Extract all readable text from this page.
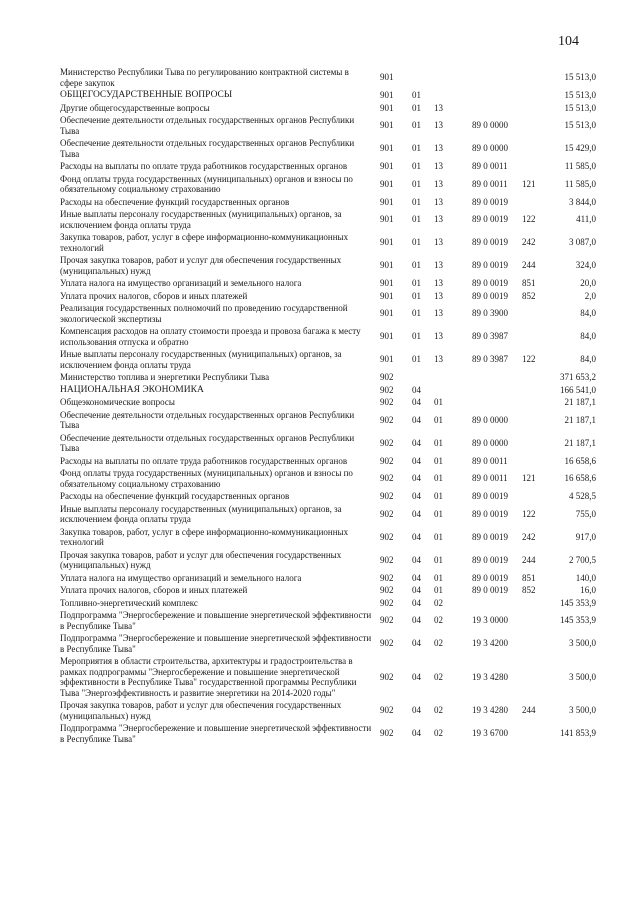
104
Министерство Республики Тыва по регулированию контрактной системы в сфере закупок	901					15 513,0
ОБЩЕГОСУДАРСТВЕННЫЕ ВОПРОСЫ	901	01				15 513,0
Другие общегосударственные вопросы	901	01	13			15 513,0
Обеспечение деятельности отдельных государственных органов Республики Тыва	901	01	13	89 0 0000		15 513,0
Обеспечение деятельности отдельных государственных органов Республики Тыва	901	01	13	89 0 0000		15 429,0
Расходы на выплаты по оплате труда работников государственных органов	901	01	13	89 0 0011		11 585,0
Фонд оплаты труда государственных (муниципальных) органов и взносы по обязательному социальному страхованию	901	01	13	89 0 0011	121	11 585,0
Расходы на обеспечение функций государственных органов	901	01	13	89 0 0019		3 844,0
Иные выплаты персоналу государственных (муниципальных) органов, за исключением фонда оплаты труда	901	01	13	89 0 0019	122	411,0
Закупка товаров, работ, услуг в сфере информационно-коммуникационных технологий	901	01	13	89 0 0019	242	3 087,0
Прочая закупка товаров, работ и услуг для обеспечения государственных (муниципальных) нужд	901	01	13	89 0 0019	244	324,0
Уплата налога на имущество организаций и земельного налога	901	01	13	89 0 0019	851	20,0
Уплата прочих налогов, сборов и иных платежей	901	01	13	89 0 0019	852	2,0
Реализация государственных полномочий по проведению государственной экологической экспертизы	901	01	13	89 0 3900		84,0
Компенсация расходов на оплату стоимости проезда и провоза багажа к месту использования отпуска и обратно	901	01	13	89 0 3987		84,0
Иные выплаты персоналу государственных (муниципальных) органов, за исключением фонда оплаты труда	901	01	13	89 0 3987	122	84,0
Министерство топлива и энергетики Республики Тыва	902					371 653,2
НАЦИОНАЛЬНАЯ ЭКОНОМИКА	902	04				166 541,0
Общеэкономические вопросы	902	04	01			21 187,1
Обеспечение деятельности отдельных государственных органов Республики Тыва	902	04	01	89 0 0000		21 187,1
Обеспечение деятельности отдельных государственных органов Республики Тыва	902	04	01	89 0 0000		21 187,1
Расходы на выплаты по оплате труда работников государственных органов	902	04	01	89 0 0011		16 658,6
Фонд оплаты труда государственных (муниципальных) органов и взносы по обязательному социальному страхованию	902	04	01	89 0 0011	121	16 658,6
Расходы на обеспечение функций государственных органов	902	04	01	89 0 0019		4 528,5
Иные выплаты персоналу государственных (муниципальных) органов, за исключением фонда оплаты труда	902	04	01	89 0 0019	122	755,0
Закупка товаров, работ, услуг в сфере информационно-коммуникационных технологий	902	04	01	89 0 0019	242	917,0
Прочая закупка товаров, работ и услуг для обеспечения государственных (муниципальных) нужд	902	04	01	89 0 0019	244	2 700,5
Уплата налога на имущество организаций и земельного налога	902	04	01	89 0 0019	851	140,0
Уплата прочих налогов, сборов и иных платежей	902	04	01	89 0 0019	852	16,0
Топливно-энергетический комплекс	902	04	02			145 353,9
Подпрограмма "Энергосбережение и повышение энергетической эффективности в Республике Тыва"	902	04	02	19 3 0000		145 353,9
Подпрограмма "Энергосбережение и повышение энергетической эффективности в Республике Тыва"	902	04	02	19 3 4200		3 500,0
Мероприятия в области строительства, архитектуры и градостроительства в рамках подпрограммы "Энергосбережение и повышение энергетической эффективности в Республике Тыва" государственной программы Республики Тыва "Энергоэффективность и развитие энергетики на 2014-2020 годы"	902	04	02	19 3 4280		3 500,0
Прочая закупка товаров, работ и услуг для обеспечения государственных (муниципальных) нужд	902	04	02	19 3 4280	244	3 500,0
Подпрограмма "Энергосбережение и повышение энергетической эффективности в Республике Тыва"	902	04	02	19 3 6700		141 853,9
